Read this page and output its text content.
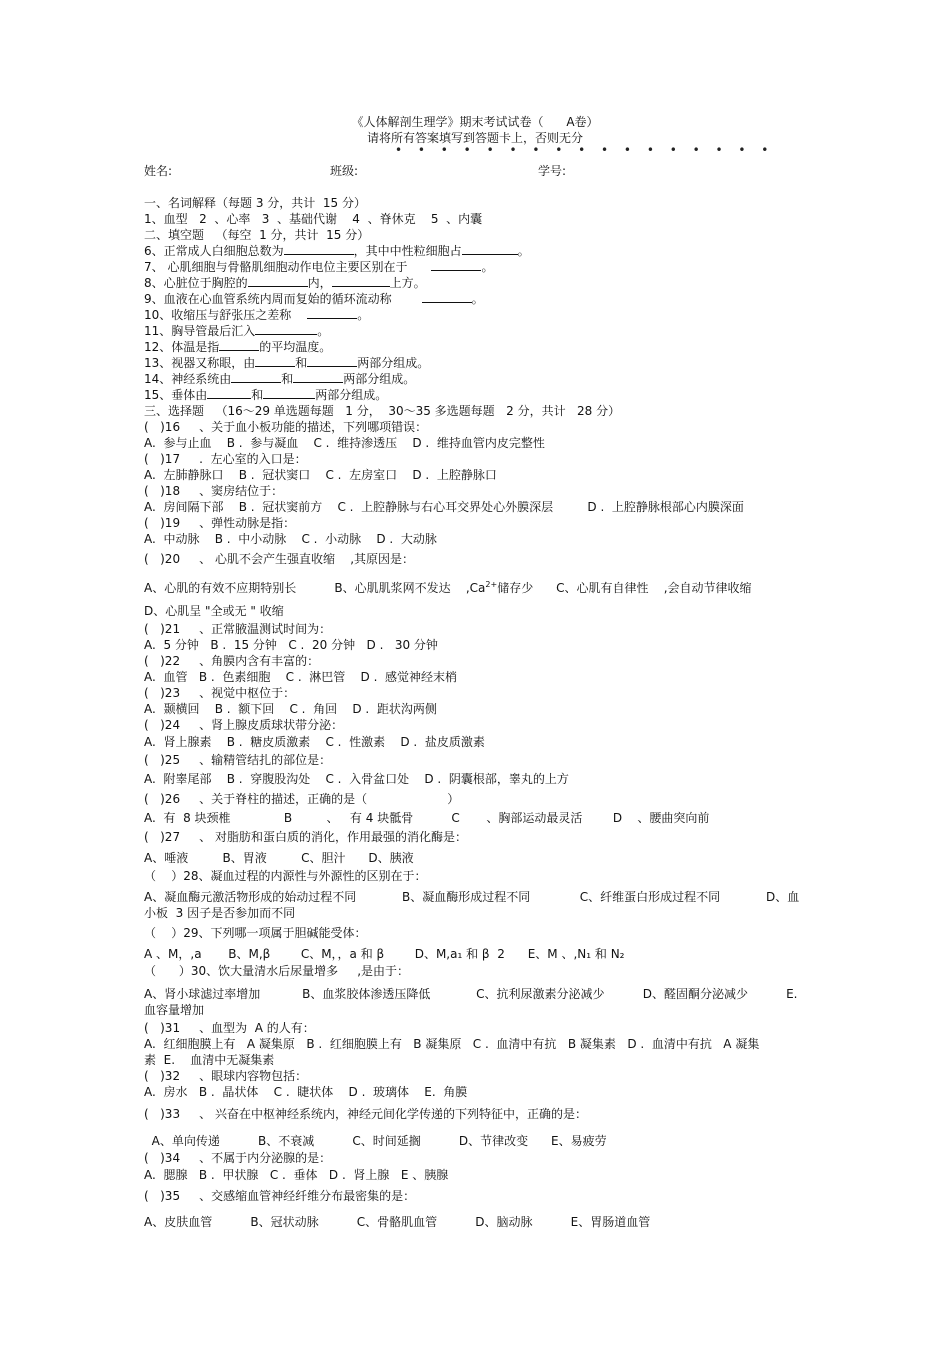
《人体解剖生理学》期末考试试卷（      A卷）
请将所有答案填写到答题卡上，否则无分
• • • • • • • • • • • • • • • • •
姓名:	班级:	学号:
一、名词解释（每题 3 分，共计  15 分）
1、血型   2  、心率   3  、基础代谢    4  、脊休克    5  、内囊
二、填空题   （每空  1 分，共计  15 分）
6、正常成人白细胞总数为	，其中中性粒细胞占	。
7、 心肌细胞与骨骼肌细胞动作电位主要区别在于	。
8、心脏位于胸腔的	内，	上方。
9、血液在心血管系统内周而复始的循环流动称	。
10、收缩压与舒张压之差称	。
11、胸导管最后汇入	。
12、体温是指	的平均温度。
13、视器又称眼，由	和	两部分组成。
14、神经系统由	和	两部分组成。
15、垂体由	和	两部分组成。
三、选择题   （16～29 单选题每题   1 分，  30～35 多选题每题   2 分，共计   28 分）
(   )16     、关于血小板功能的描述，下列哪项错误：
A.  参与止血    B .  参与凝血    C .  维持渗透压    D .  维持血管内皮完整性
(   )17     .  左心室的入口是：
A.  左肺静脉口    B .  冠状窦口    C .  左房室口    D .  上腔静脉口
(   )18     、窦房结位于：
A.  房间隔下部    B .  冠状窦前方    C .  上腔静脉与右心耳交界处心外膜深层         D .  上腔静脉根部心内膜深面
(   )19     、弹性动脉是指：
A.  中动脉    B .  中小动脉    C .  小动脉    D .  大动脉
(   )20     、 心肌不会产生强直收缩    ,其原因是：
A、心肌的有效不应期特别长          B、心肌肌浆网不发达    $,Ca^{2+}$储存少      C、心肌有自律性    ,会自动节律收缩
D、心肌呈 "全或无 " 收缩
(   )21     、正常腋温测试时间为：
A.  5 分钟   B .  15 分钟   C .  20 分钟   D .   30 分钟
(   )22     、角膜内含有丰富的：
A.  血管   B .  色素细胞    C .  淋巴管    D .  感觉神经末梢
(   )23     、视觉中枢位于：
A.  颞横回    B .  额下回    C .  角回    D .  距状沟两侧
(   )24     、肾上腺皮质球状带分泌：
A.  肾上腺素    B .  糖皮质激素    C .  性激素    D .  盐皮质激素
(   )25     、输精管结扎的部位是：
A.  附睾尾部    B .  穿腹股沟处    C .  入骨盆口处    D .  阴囊根部，睾丸的上方
(   )26     、关于脊柱的描述，正确的是（                     ）
A.  有  8 块颈椎              B         、   有 4 块骶骨          C       、胸部运动最灵活        D    、腰曲突向前
(   )27     、 对脂肪和蛋白质的消化，作用最强的消化酶是：
A、唾液         B、胃液         C、胆汁      D、胰液
（    ）28、凝血过程的内源性与外源性的区别在于：
A、凝血酶元激活物形成的始动过程不同            B、凝血酶形成过程不同             C、纤维蛋白形成过程不同            D、血
小板  3 因子是否参加而不同
（    ）29、下列哪一项属于胆碱能受体：
A 、M，,a       B、M,β        C、M，，a 和 β        D、M,a₁ 和 β  2      E、M 、,N₁ 和 N₂
（      ）30、饮大量清水后尿量增多     ,是由于：
A、肾小球滤过率增加           B、血浆胶体渗透压降低            C、抗利尿激素分泌减少          D、醛固酮分泌减少          E.
血容量增加
(   )31     、血型为  A 的人有：
A.  红细胞膜上有   A 凝集原   B .  红细胞膜上有   B 凝集原   C .  血清中有抗   B 凝集素   D .  血清中有抗   A 凝集
素  E.    血清中无凝集素
(   )32     、眼球内容物包括：
A.  房水   B .  晶状体    C .  睫状体    D .  玻璃体    E.  角膜
(   )33     、 兴奋在中枢神经系统内，神经元间化学传递的下列特征中，正确的是：
A、单向传递          B、不衰减          C、时间延搁          D、节律改变      E、易疲劳
(   )34     、不属于内分泌腺的是：
A.  腮腺   B .  甲状腺   C .  垂体   D .  肾上腺   E 、胰腺
(   )35     、交感缩血管神经纤维分布最密集的是：
A、皮肤血管          B、冠状动脉          C、骨骼肌血管          D、脑动脉          E、胃肠道血管
